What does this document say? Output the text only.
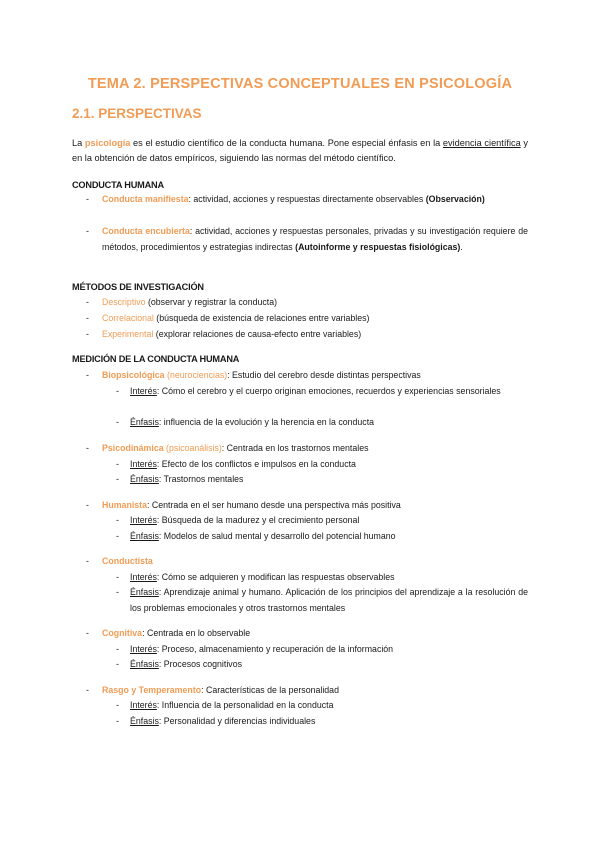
TEMA 2. PERSPECTIVAS CONCEPTUALES EN PSICOLOGÍA
2.1. PERSPECTIVAS
La psicología es el estudio científico de la conducta humana. Pone especial énfasis en la evidencia científica y en la obtención de datos empíricos, siguiendo las normas del método científico.
CONDUCTA HUMANA
- Conducta manifiesta: actividad, acciones y respuestas directamente observables (Observación)
- Conducta encubierta: actividad, acciones y respuestas personales, privadas y su investigación requiere de métodos, procedimientos y estrategias indirectas (Autoinforme y respuestas fisiológicas).
MÉTODOS DE INVESTIGACIÓN
- Descriptivo (observar y registrar la conducta)
- Correlacional (búsqueda de existencia de relaciones entre variables)
- Experimental (explorar relaciones de causa-efecto entre variables)
MEDICIÓN DE LA CONDUCTA HUMANA
- Biopsicológica (neurociencias): Estudio del cerebro desde distintas perspectivas
- Interés: Cómo el cerebro y el cuerpo originan emociones, recuerdos y experiencias sensoriales
- Énfasis: influencia de la evolución y la herencia en la conducta
- Psicodinámica (psicoanálisis): Centrada en los trastornos mentales
- Interés: Efecto de los conflictos e impulsos en la conducta
- Énfasis: Trastornos mentales
- Humanista: Centrada en el ser humano desde una perspectiva más positiva
- Interés: Búsqueda de la madurez y el crecimiento personal
- Énfasis: Modelos de salud mental y desarrollo del potencial humano
- Conductista
- Interés: Cómo se adquieren y modifican las respuestas observables
- Énfasis: Aprendizaje animal y humano. Aplicación de los principios del aprendizaje a la resolución de los problemas emocionales y otros trastornos mentales
- Cognitiva: Centrada en lo observable
- Interés: Proceso, almacenamiento y recuperación de la información
- Énfasis: Procesos cognitivos
- Rasgo y Temperamento: Características de la personalidad
- Interés: Influencia de la personalidad en la conducta
- Énfasis: Personalidad y diferencias individuales
